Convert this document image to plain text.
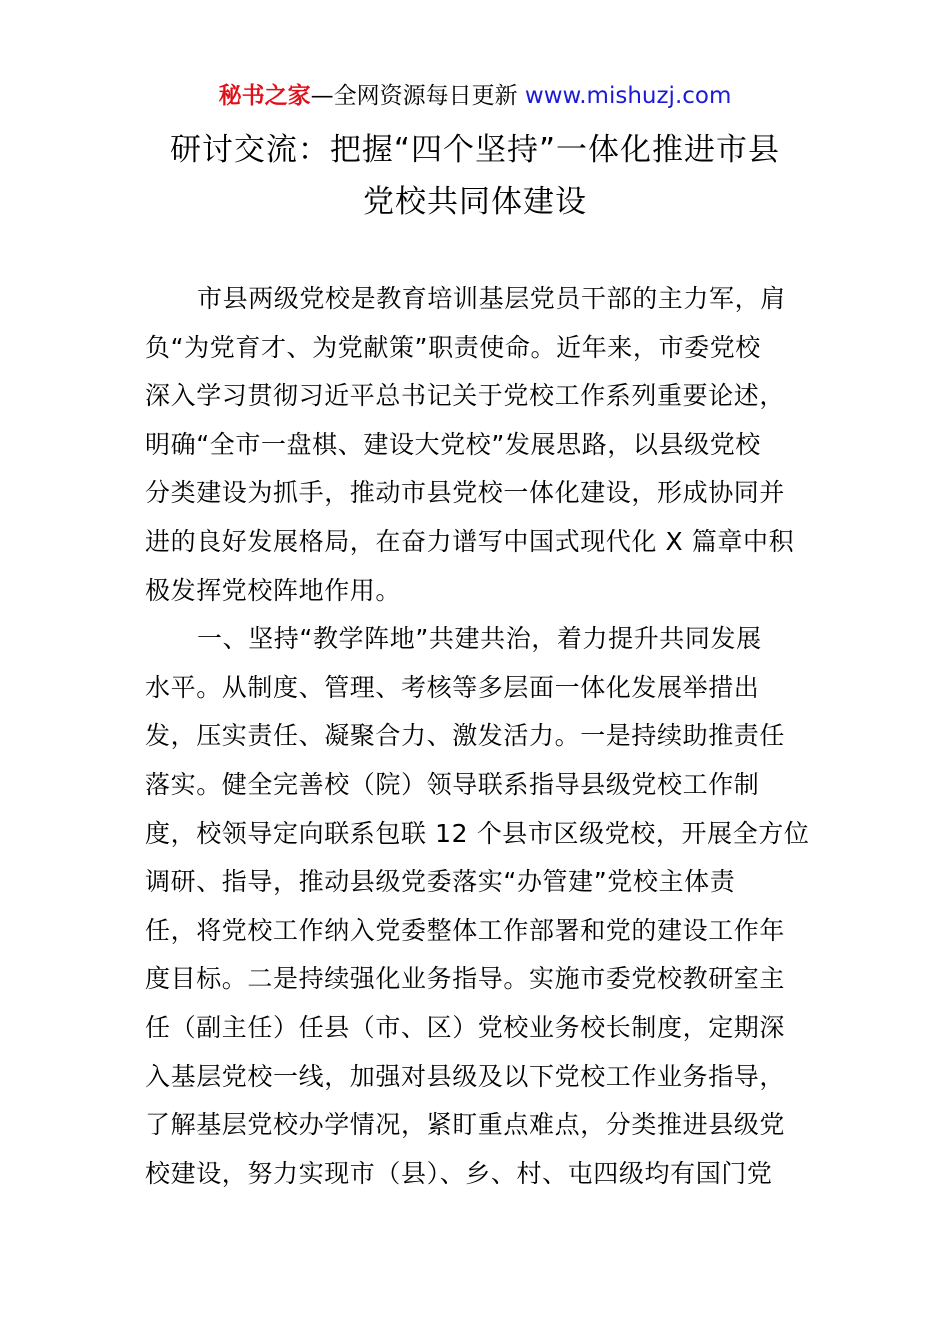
秘书之家—全网资源每日更新 www.mishuzj.com
研讨交流：把握“四个坚持”一体化推进市县
党校共同体建设
市县两级党校是教育培训基层党员干部的主力军，肩
负“为党育才、为党献策”职责使命。近年来，市委党校
深入学习贯彻习近平总书记关于党校工作系列重要论述，
明确“全市一盘棋、建设大党校”发展思路，以县级党校
分类建设为抓手，推动市县党校一体化建设，形成协同并
进的良好发展格局，在奋力谱写中国式现代化 X 篇章中积
极发挥党校阵地作用。
一、坚持“教学阵地”共建共治，着力提升共同发展
水平。从制度、管理、考核等多层面一体化发展举措出
发，压实责任、凝聚合力、激发活力。一是持续助推责任
落实。健全完善校（院）领导联系指导县级党校工作制
度，校领导定向联系包联 12 个县市区级党校，开展全方位
调研、指导，推动县级党委落实“办管建”党校主体责
任，将党校工作纳入党委整体工作部署和党的建设工作年
度目标。二是持续强化业务指导。实施市委党校教研室主
任（副主任）任县（市、区）党校业务校长制度，定期深
入基层党校一线，加强对县级及以下党校工作业务指导，
了解基层党校办学情况，紧盯重点难点，分类推进县级党
校建设，努力实现市（县）、乡、村、屯四级均有国门党
